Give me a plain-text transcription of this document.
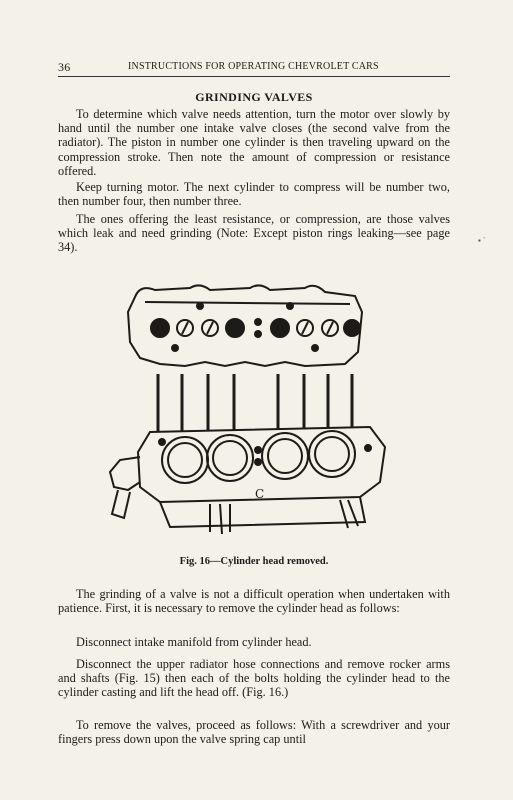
36	INSTRUCTIONS FOR OPERATING CHEVROLET CARS
GRINDING VALVES
To determine which valve needs attention, turn the motor over slowly by hand until the number one intake valve closes (the second valve from the radiator). The piston in number one cylinder is then traveling upward on the compression stroke. Then note the amount of compression or resistance offered.
Keep turning motor. The next cylinder to compress will be number two, then number four, then number three.
The ones offering the least resistance, or compression, are those valves which leak and need grinding (Note: Except piston rings leaking—see page 34).
C
Fig. 16—Cylinder head removed.
The grinding of a valve is not a difficult operation when undertaken with patience. First, it is necessary to remove the cylinder head as follows:
Disconnect intake manifold from cylinder head.
Disconnect the upper radiator hose connections and remove rocker arms and shafts (Fig. 15) then each of the bolts holding the cylinder head to the cylinder casting and lift the head off. (Fig. 16.)
To remove the valves, proceed as follows: With a screwdriver and your fingers press down upon the valve spring cap until
▪ ˋ
